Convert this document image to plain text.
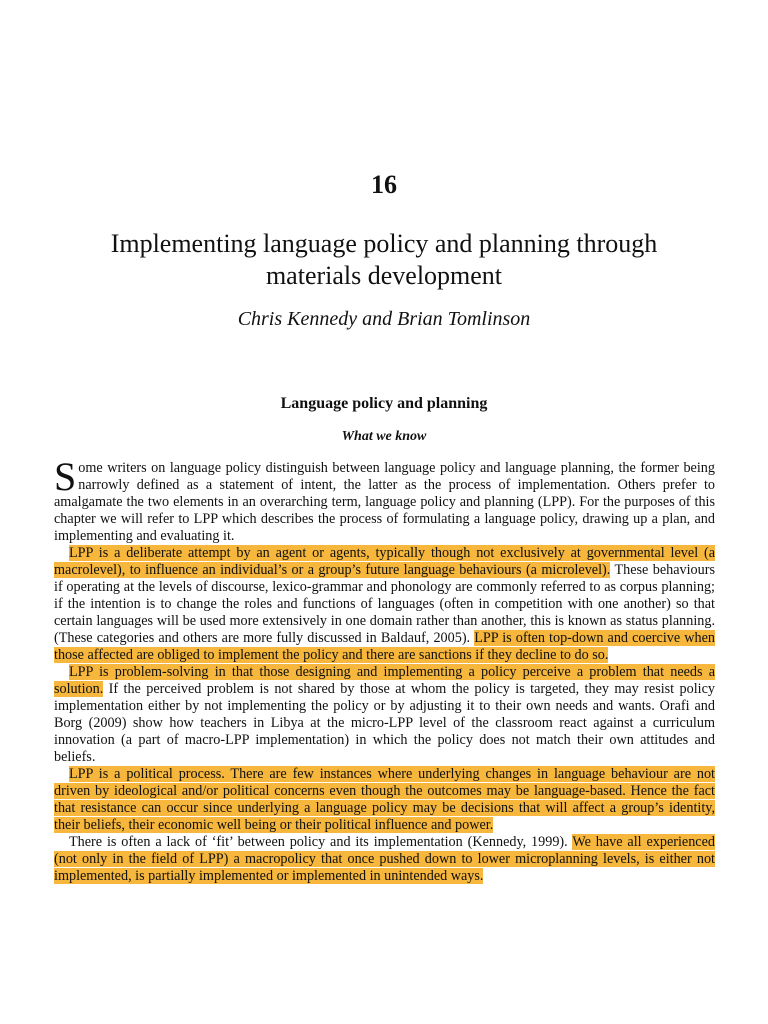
16
Implementing language policy and planning through materials development
Chris Kennedy and Brian Tomlinson
Language policy and planning
What we know

Some writers on language policy distinguish between language policy and language planning, the former being narrowly defined as a statement of intent, the latter as the process of implementation. Others prefer to amalgamate the two elements in an overarching term, language policy and planning (LPP). For the purposes of this chapter we will refer to LPP which describes the process of formulating a language policy, drawing up a plan, and implementing and evaluating it.

LPP is a deliberate attempt by an agent or agents, typically though not exclusively at governmental level (a macrolevel), to influence an individual’s or a group’s future language behaviours (a microlevel). These behaviours if operating at the levels of discourse, lexico-grammar and phonology are commonly referred to as corpus planning; if the intention is to change the roles and functions of languages (often in competition with one another) so that certain languages will be used more extensively in one domain rather than another, this is known as status planning. (These categories and others are more fully discussed in Baldauf, 2005). LPP is often top-down and coercive when those affected are obliged to implement the policy and there are sanctions if they decline to do so.

LPP is problem-solving in that those designing and implementing a policy perceive a problem that needs a solution. If the perceived problem is not shared by those at whom the policy is targeted, they may resist policy implementation either by not implementing the policy or by adjusting it to their own needs and wants. Orafi and Borg (2009) show how teachers in Libya at the micro-LPP level of the classroom react against a curriculum innovation (a part of macro-LPP implementation) in which the policy does not match their own attitudes and beliefs.

LPP is a political process. There are few instances where underlying changes in language behaviour are not driven by ideological and/or political concerns even though the outcomes may be language-based. Hence the fact that resistance can occur since underlying a language policy may be decisions that will affect a group’s identity, their beliefs, their economic well being or their political influence and power.

There is often a lack of ‘fit’ between policy and its implementation (Kennedy, 1999). We have all experienced (not only in the field of LPP) a macropolicy that once pushed down to lower microplanning levels, is either not implemented, is partially implemented or implemented in unintended ways.
